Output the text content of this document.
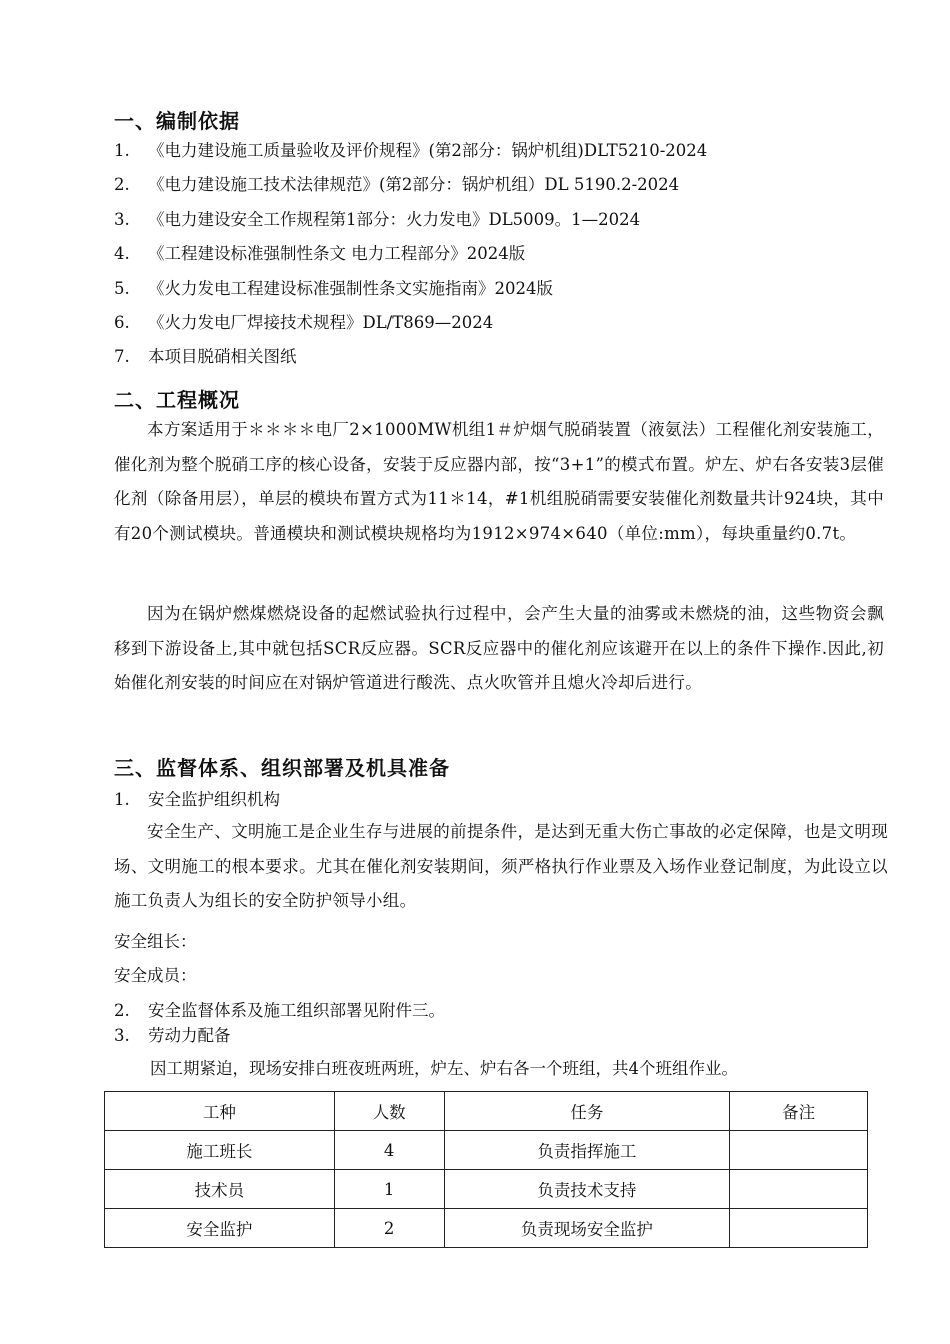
一、编制依据
1. 《电力建设施工质量验收及评价规程》(第2部分：锅炉机组)DLT5210-2024
2. 《电力建设施工技术法律规范》(第2部分：锅炉机组）DL 5190.2-2024
3. 《电力建设安全工作规程第1部分：火力发电》DL5009。1—2024
4. 《工程建设标准强制性条文 电力工程部分》2024版
5. 《火力发电工程建设标准强制性条文实施指南》2024版
6. 《火力发电厂焊接技术规程》DL/T869—2024
7. 本项目脱硝相关图纸
二、工程概况
本方案适用于＊＊＊＊电厂2×1000MW机组1＃炉烟气脱硝装置（液氨法）工程催化剂安装施工，催化剂为整个脱硝工序的核心设备，安装于反应器内部，按“3+1”的模式布置。炉左、炉右各安装3层催化剂（除备用层），单层的模块布置方式为11＊14，#1机组脱硝需要安装催化剂数量共计924块，其中有20个测试模块。普通模块和测试模块规格均为1912×974×640（单位:mm），每块重量约0.7t。
因为在锅炉燃煤燃烧设备的起燃试验执行过程中，会产生大量的油雾或未燃烧的油，这些物资会飘移到下游设备上,其中就包括SCR反应器。SCR反应器中的催化剂应该避开在以上的条件下操作.因此,初始催化剂安装的时间应在对锅炉管道进行酸洗、点火吹管并且熄火冷却后进行。
三、监督体系、组织部署及机具准备
1. 安全监护组织机构
安全生产、文明施工是企业生存与进展的前提条件，是达到无重大伤亡事故的必定保障，也是文明现场、文明施工的根本要求。尤其在催化剂安装期间，须严格执行作业票及入场作业登记制度，为此设立以施工负责人为组长的安全防护领导小组。
安全组长：
安全成员：
2. 安全监督体系及施工组织部署见附件三。
3. 劳动力配备
因工期紧迫，现场安排白班夜班两班，炉左、炉右各一个班组，共4个班组作业。
工种	人数	任务	备注
施工班长	4	负责指挥施工	
技术员	1	负责技术支持	
安全监护	2	负责现场安全监护	
